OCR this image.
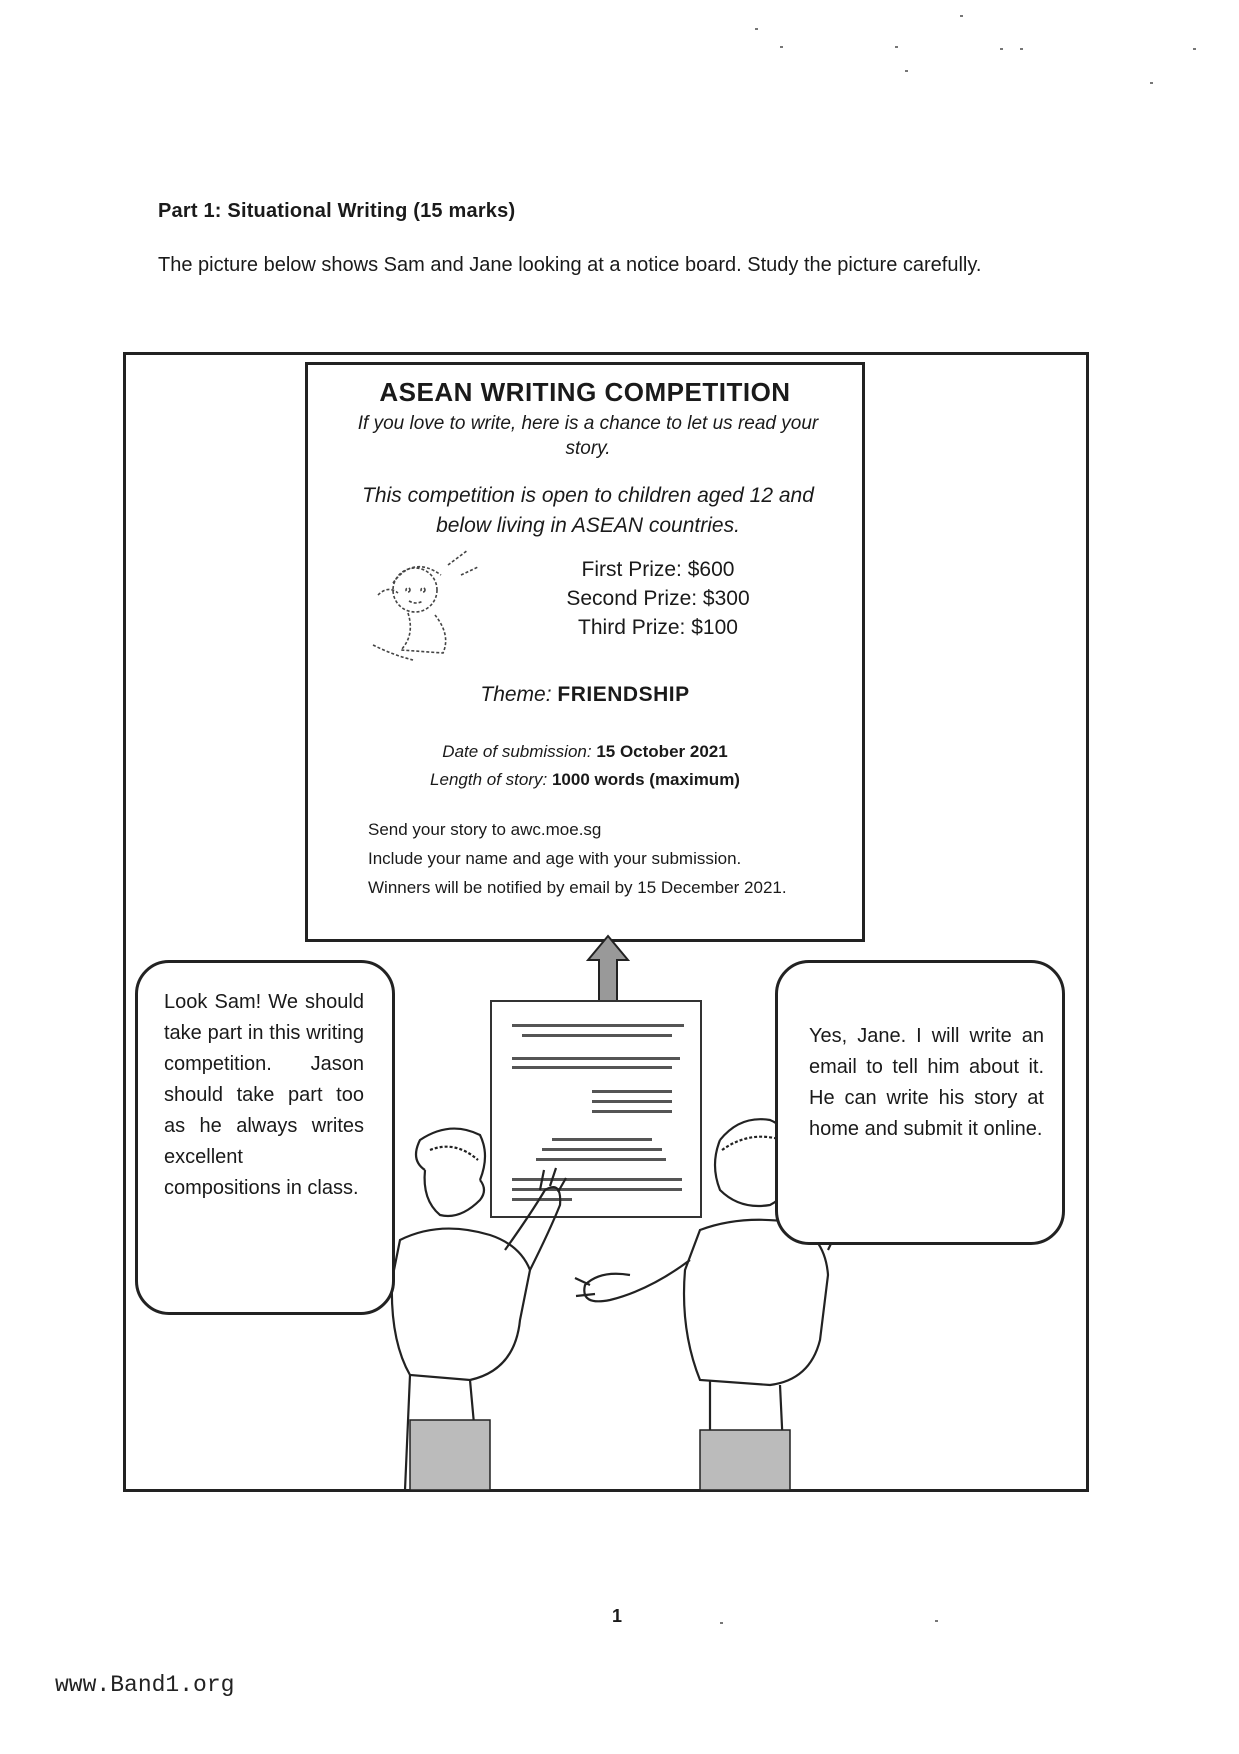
Part 1: Situational Writing (15 marks)
The picture below shows Sam and Jane looking at a notice board. Study the picture carefully.
ASEAN WRITING COMPETITION
If you love to write, here is a chance to let us read your story.
This competition is open to children aged 12 and below living in ASEAN countries.
First Prize: $600
Second Prize: $300
Third Prize: $100
Theme: FRIENDSHIP
Date of submission: 15 October 2021
Length of story: 1000 words (maximum)
Send your story to awc.moe.sg
Include your name and age with your submission.
Winners will be notified by email by 15 December 2021.
Look Sam! We should take part in this writing competition. Jason should take part too as he always writes excellent compositions in class.
Yes, Jane. I will write an email to tell him about it. He can write his story at home and submit it online.
1
www.Band1.org
